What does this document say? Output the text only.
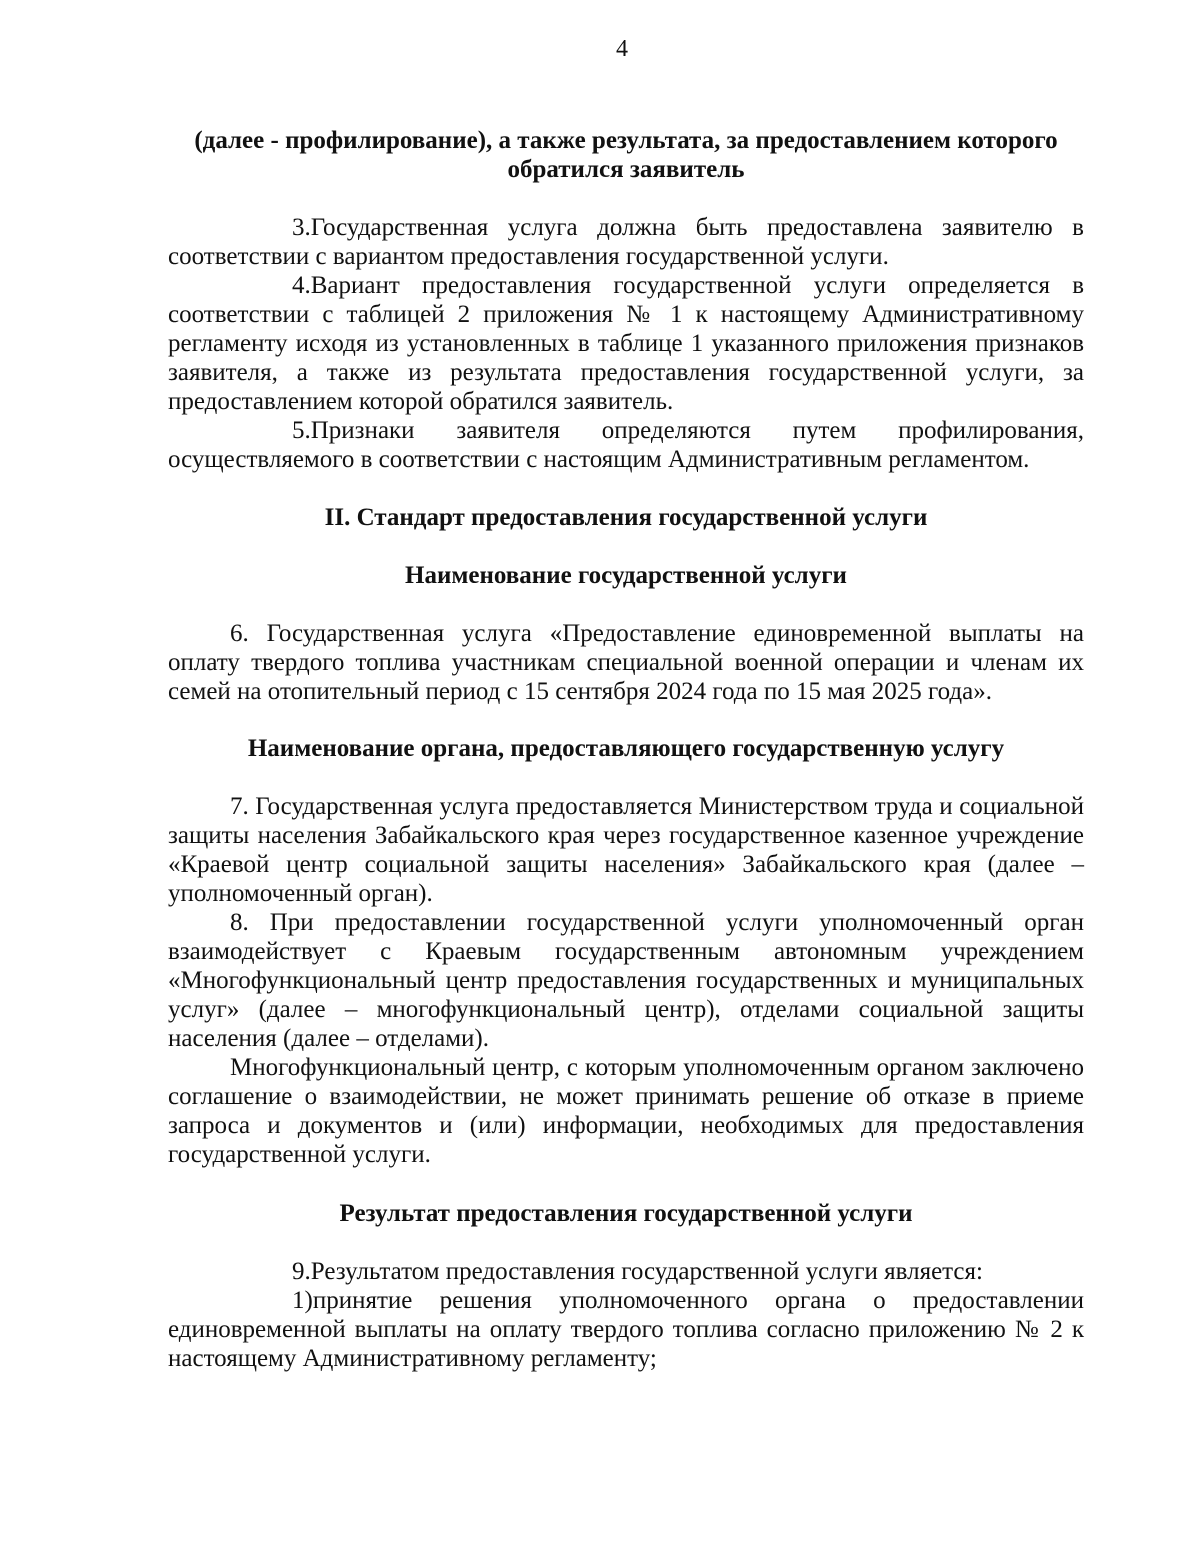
4

(далее - профилирование), а также результата, за предоставлением которого обратился заявитель

3.Государственная услуга должна быть предоставлена заявителю в соответствии с вариантом предоставления государственной услуги.

4.Вариант предоставления государственной услуги определяется в соответствии с таблицей 2 приложения № 1 к настоящему Административному регламенту исходя из установленных в таблице 1 указанного приложения признаков заявителя, а также из результата предоставления государственной услуги, за предоставлением которой обратился заявитель.

5.Признаки заявителя определяются путем профилирования, осуществляемого в соответствии с настоящим Административным регламентом.

II. Стандарт предоставления государственной услуги

Наименование государственной услуги

6. Государственная услуга «Предоставление единовременной выплаты на оплату твердого топлива участникам специальной военной операции и членам их семей на отопительный период с 15 сентября 2024 года по 15 мая 2025 года».

Наименование органа, предоставляющего государственную услугу

7. Государственная услуга предоставляется Министерством труда и социальной защиты населения Забайкальского края через государственное казенное учреждение «Краевой центр социальной защиты населения» Забайкальского края (далее – уполномоченный орган).

8. При предоставлении государственной услуги уполномоченный орган взаимодействует с Краевым государственным автономным учреждением «Многофункциональный центр предоставления государственных и муниципальных услуг» (далее – многофункциональный центр), отделами социальной защиты населения (далее – отделами).

Многофункциональный центр, с которым уполномоченным органом заключено соглашение о взаимодействии, не может принимать решение об отказе в приеме запроса и документов и (или) информации, необходимых для предоставления государственной услуги.

Результат предоставления государственной услуги

9.Результатом предоставления государственной услуги является:

1)принятие решения уполномоченного органа о предоставлении единовременной выплаты на оплату твердого топлива согласно приложению № 2 к настоящему Административному регламенту;
